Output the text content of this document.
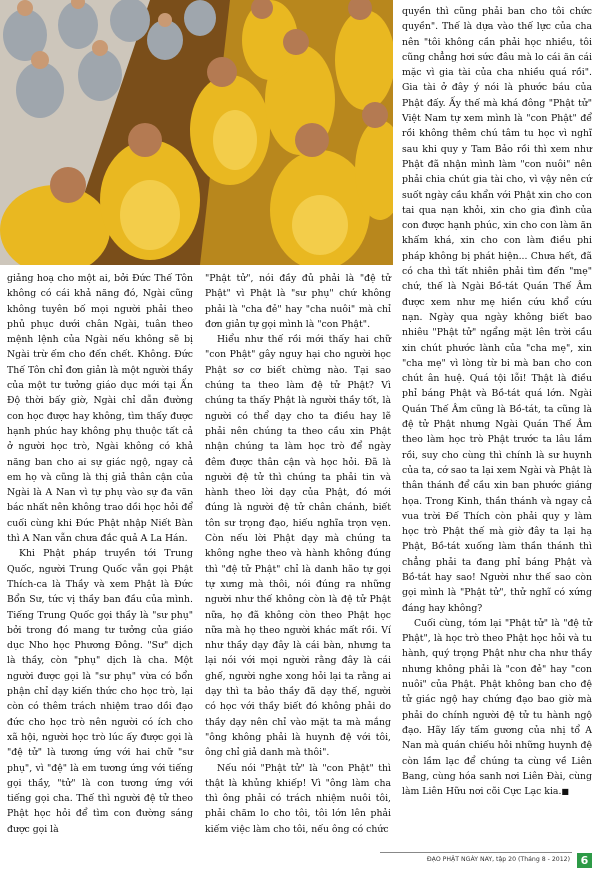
giảng hoạ cho một ai, bởi Đức Thế Tôn không có cái khả năng đó, Ngài cũng không tuyên bố mọi người phải theo phủ phục dưới chân Ngài, tuân theo mệnh lệnh của Ngài nếu không sẽ bị Ngài trừ ếm cho đến chết. Không. Đức Thế Tôn chỉ đơn giản là một người thầy của một tư tưởng giáo dục mới tại Ấn Độ thời bấy giờ, Ngài chỉ dẫn đường con học được hay không, tìm thấy được hạnh phúc hay không phụ thuộc tất cả ở người học trò, Ngài không có khả năng ban cho ai sự giác ngộ, ngay cả em họ và cũng là thị giả thân cận của Ngài là A Nan vì tự phụ vào sự đa văn bác nhất nên không trao dồi học hỏi để cuối cùng khi Đức Phật nhập Niết Bàn thì A Nan vẫn chưa đắc quả A La Hán.

Khi Phật pháp truyền tới Trung Quốc, người Trung Quốc vẫn gọi Phật Thích-ca là Thầy và xem Phật là Đức Bổn Sư, tức vị thầy ban đầu của mình. Tiếng Trung Quốc gọi thầy là "sư phụ" bởi trong đó mang tư tưởng của giáo dục Nho học Phương Đông. "Sư" dịch là thầy, còn "phụ" dịch là cha. Một người được gọi là "sư phụ" vừa có bổn phận chỉ dạy kiến thức cho học trò, lại còn có thêm trách nhiệm trao dồi đạo đức cho học trò nên người có ích cho xã hội, người học trò lúc ấy được gọi là "đệ tử" là tương ứng với hai chữ "sư phụ", vì "đệ" là em tương ứng với tiếng gọi thầy, "tử" là con tương ứng với tiếng gọi cha. Thế thì người đệ tử theo Phật học hỏi để tìm con đường sáng được gọi là

"Phật tử", nói đầy đủ phải là "đệ tử Phật" vì Phật là "sư phụ" chứ không phải là "cha đẻ" hay "cha nuôi" mà chỉ đơn giản tự gọi mình là "con Phật".

Hiểu như thế rồi mới thấy hai chữ "con Phật" gây nguy hại cho người học Phật sơ cơ biết chừng nào. Tại sao chúng ta theo làm đệ tử Phật? Vì chúng ta thấy Phật là người thầy tốt, là người có thể dạy cho ta điều hay lẽ phải nên chúng ta theo cầu xin Phật nhận chúng ta làm học trò để ngày đêm được thân cận và học hỏi. Đã là người đệ tử thì chúng ta phải tin và hành theo lời dạy của Phật, đó mới đúng là người đệ tử chân chánh, biết tôn sư trọng đạo, hiếu nghĩa trọn vẹn. Còn nếu lời Phật dạy mà chúng ta không nghe theo và hành không đúng thì "đệ tử Phật" chỉ là danh hão tự gọi tự xưng mà thôi, nói đúng ra những người như thế không còn là đệ tử Phật nữa, họ đã không còn theo Phật học nữa mà họ theo người khác mất rồi. Ví như thầy dạy đây là cái bàn, nhưng ta lại nói với mọi người rằng đây là cái ghế, người nghe xong hỏi lại ta rằng ai dạy thì ta bảo thầy đã dạy thế, người có học với thầy biết đó không phải do thầy dạy nên chỉ vào mặt ta mà mắng "ông không phải là huynh đệ với tôi, ông chỉ giả danh mà thôi".

Nếu nói "Phật tử" là "con Phật" thì thật là khủng khiếp! Vì "ông làm cha thì ông phải có trách nhiệm nuôi tôi, phải chăm lo cho tôi, tôi lớn lên phải kiếm việc làm cho tôi, nếu ông có chức

quyền thì cũng phải ban cho tôi chức quyền". Thế là dựa vào thế lực của cha nên "tôi không cần phải học nhiều, tôi cũng chẳng hơi sức đâu mà lo cái ăn cái mặc vì gia tài của cha nhiều quá rồi". Gia tài ở đây ý nói là phước báu của Phật đấy. Ấy thế mà khá đông "Phật tử" Việt Nam tự xem mình là "con Phật" để rồi không thêm chú tâm tu học vì nghĩ sau khi quy y Tam Bảo rồi thì xem như Phật đã nhận mình làm "con nuôi" nên phải chia chút gia tài cho, vì vậy nên cứ suốt ngày cầu khẩn với Phật xin cho con tai qua nạn khỏi, xin cho gia đình của con được hạnh phúc, xin cho con làm ăn khấm khá, xin cho con làm điều phi pháp không bị phát hiện... Chưa hết, đã có cha thì tất nhiên phải tìm đến "mẹ" chứ, thế là Ngài Bồ-tát Quán Thế Âm được xem như mẹ hiền cứu khổ cứu nạn. Ngày qua ngày không biết bao nhiêu "Phật tử" ngẩng mặt lên trời cầu xin chút phước lành của "cha mẹ", xin "cha mẹ" vì lòng từ bi mà ban cho con chút ân huệ. Quá tội lỗi! Thật là điều phỉ báng Phật và Bồ-tát quá lớn. Ngài Quán Thế Âm cũng là Bồ-tát, ta cũng là đệ tử Phật nhưng Ngài Quán Thế Âm theo làm học trò Phật trước ta lâu lắm rồi, suy cho cùng thì chính là sư huynh của ta, cớ sao ta lại xem Ngài và Phật là thân thánh để cầu xin ban phước giáng họa. Trong Kinh, thần thánh và ngay cả vua trời Đế Thích còn phải quy y làm học trò Phật thế mà giờ đây ta lại hạ Phật, Bồ-tát xuống làm thần thánh thì chẳng phải ta đang phỉ báng Phật và Bồ-tát hay sao! Người như thế sao còn gọi mình là "Phật tử", thử nghĩ có xứng đáng hay không?

Cuối cùng, tóm lại "Phật tử" là "đệ tử Phật", là học trò theo Phật học hỏi và tu hành, quý trọng Phật như cha như thầy nhưng không phải là "con đẻ" hay "con nuôi" của Phật. Phật không ban cho đệ tử giác ngộ hay chứng đạo bao giờ mà phải do chính người đệ tử tu hành ngộ đạo. Hãy lấy tấm gương của nhị tổ A Nan mà quán chiếu hỏi những huynh đệ còn lầm lạc để chúng ta cùng về Liên Bang, cùng hóa sanh nơi Liên Đài, cùng làm Liên Hữu nơi cõi Cực Lạc kia.■

ĐẠO PHẬT NGÀY NAY, tập 20 (Tháng 8 - 2012) 6
